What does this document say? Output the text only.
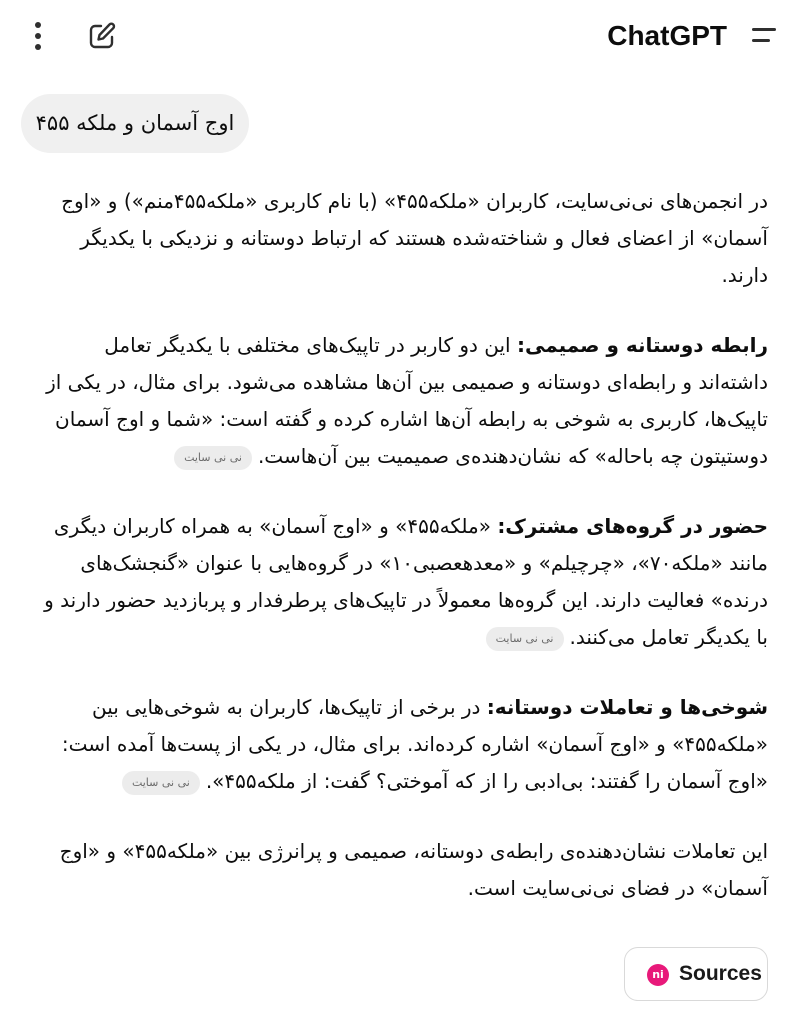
ChatGPT
اوج آسمان و ملکه ۴۵۵

در انجمن‌های نی‌نی‌سایت، کاربران «ملکه۴۵۵» (با نام کاربری «ملکه۴۵۵منم») و «اوج آسمان» از اعضای فعال و شناخته‌شده هستند که ارتباط دوستانه و نزدیکی با یکدیگر دارند.

رابطه دوستانه و صمیمی: این دو کاربر در تاپیک‌های مختلفی با یکدیگر تعامل داشته‌اند و رابطه‌ای دوستانه و صمیمی بین آن‌ها مشاهده می‌شود. برای مثال، در یکی از تاپیک‌ها، کاربری به شوخی به رابطه آن‌ها اشاره کرده و گفته است: «شما و اوج آسمان دوستیتون چه باحاله» که نشان‌دهنده‌ی صمیمیت بین آن‌هاست.نی نی سایت

حضور در گروه‌های مشترک: «ملکه۴۵۵» و «اوج آسمان» به همراه کاربران دیگری مانند «ملکه۷۰»، «چرچیلم» و «معدهعصبی۱۰» در گروه‌هایی با عنوان «گنجشک‌های درنده» فعالیت دارند. این گروه‌ها معمولاً در تاپیک‌های پرطرفدار و پربازدید حضور دارند و با یکدیگر تعامل می‌کنند.نی نی سایت

شوخی‌ها و تعاملات دوستانه: در برخی از تاپیک‌ها، کاربران به شوخی‌هایی بین «ملکه۴۵۵» و «اوج آسمان» اشاره کرده‌اند. برای مثال، در یکی از پست‌ها آمده است: «اوج آسمان را گفتند: بی‌ادبی را از که آموختی؟ گفت: از ملکه۴۵۵».نی نی سایت

این تعاملات نشان‌دهنده‌ی رابطه‌ی دوستانه، صمیمی و پرانرژی بین «ملکه۴۵۵» و «اوج آسمان» در فضای نی‌نی‌سایت است.

ni Sources
